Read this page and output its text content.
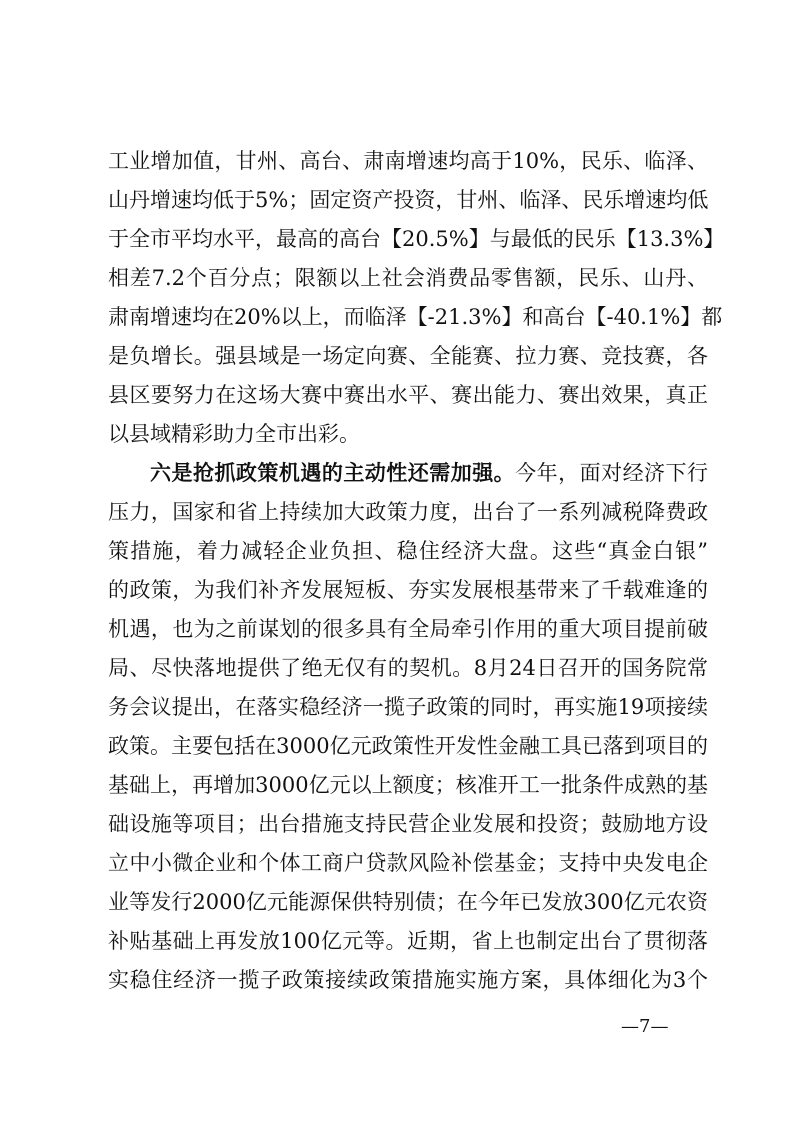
工业增加值，甘州、高台、肃南增速均高于10%，民乐、临泽、
山丹增速均低于5%；固定资产投资，甘州、临泽、民乐增速均低
于全市平均水平，最高的高台【20.5%】与最低的民乐【13.3%】
相差7.2个百分点；限额以上社会消费品零售额，民乐、山丹、
肃南增速均在20%以上，而临泽【-21.3%】和高台【-40.1%】都
是负增长。强县域是一场定向赛、全能赛、拉力赛、竞技赛，各
县区要努力在这场大赛中赛出水平、赛出能力、赛出效果，真正
以县域精彩助力全市出彩。
六是抢抓政策机遇的主动性还需加强。今年，面对经济下行
压力，国家和省上持续加大政策力度，出台了一系列减税降费政
策措施，着力减轻企业负担、稳住经济大盘。这些“真金白银”
的政策，为我们补齐发展短板、夯实发展根基带来了千载难逢的
机遇，也为之前谋划的很多具有全局牵引作用的重大项目提前破
局、尽快落地提供了绝无仅有的契机。8月24日召开的国务院常
务会议提出，在落实稳经济一揽子政策的同时，再实施19项接续
政策。主要包括在3000亿元政策性开发性金融工具已落到项目的
基础上，再增加3000亿元以上额度；核准开工一批条件成熟的基
础设施等项目；出台措施支持民营企业发展和投资；鼓励地方设
立中小微企业和个体工商户贷款风险补偿基金；支持中央发电企
业等发行2000亿元能源保供特别债；在今年已发放300亿元农资
补贴基础上再发放100亿元等。近期，省上也制定出台了贯彻落
实稳住经济一揽子政策接续政策措施实施方案，具体细化为3个
—7—
